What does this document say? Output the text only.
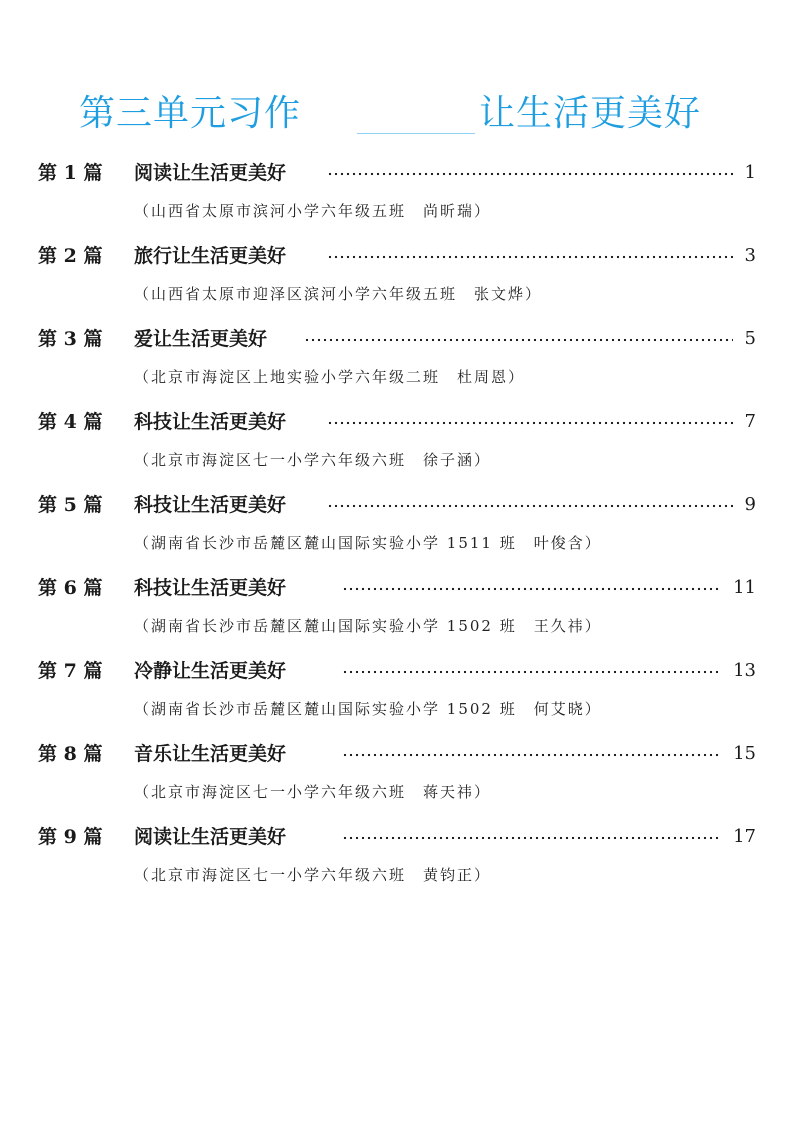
第三单元习作	让生活更美好
第 1 篇 阅读让生活更美好	1
（山西省太原市滨河小学六年级五班　尚昕瑞）
第 2 篇 旅行让生活更美好	3
（山西省太原市迎泽区滨河小学六年级五班　张文烨）
第 3 篇 爱让生活更美好	5
（北京市海淀区上地实验小学六年级二班　杜周恩）
第 4 篇 科技让生活更美好	7
（北京市海淀区七一小学六年级六班　徐子涵）
第 5 篇 科技让生活更美好	9
（湖南省长沙市岳麓区麓山国际实验小学 1511 班　叶俊含）
第 6 篇 科技让生活更美好	11
（湖南省长沙市岳麓区麓山国际实验小学 1502 班　王久祎）
第 7 篇 冷静让生活更美好	13
（湖南省长沙市岳麓区麓山国际实验小学 1502 班　何艾晓）
第 8 篇 音乐让生活更美好	15
（北京市海淀区七一小学六年级六班　蒋天祎）
第 9 篇 阅读让生活更美好	17
（北京市海淀区七一小学六年级六班　黄钧正）
